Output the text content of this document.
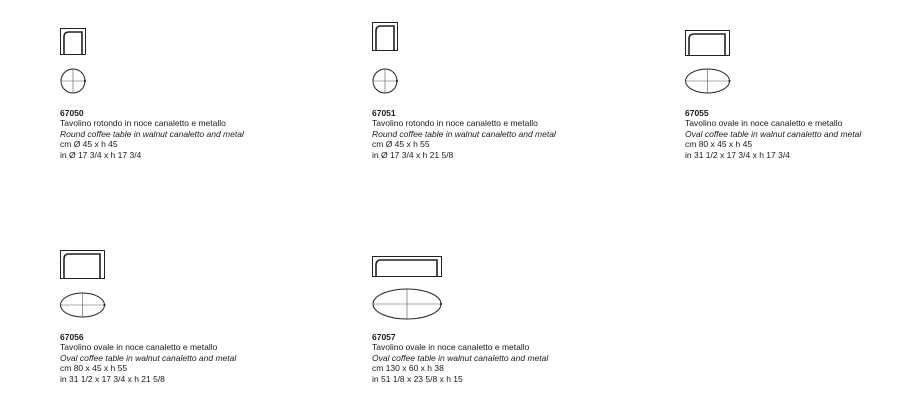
67050
Tavolino rotondo in noce canaletto e metallo
Round coffee table in walnut canaletto and metal
cm Ø 45 x h 45
in Ø 17 3/4 x h 17 3/4
67051
Tavolino rotondo in noce canaletto e metallo
Round coffee table in walnut canaletto and metal
cm Ø 45 x h 55
in Ø 17 3/4 x h 21 5/8
67055
Tavolino ovale in noce canaletto e metallo
Oval coffee table in walnut canaletto and metal
cm 80 x 45 x h 45
in 31 1/2 x 17 3/4 x h 17 3/4
67056
Tavolino ovale in noce canaletto e metallo
Oval coffee table in walnut canaletto and metal
cm 80 x 45 x h 55
in 31 1/2 x 17 3/4 x h 21 5/8
67057
Tavolino ovale in noce canaletto e metallo
Oval coffee table in walnut canaletto and metal
cm 130 x 60 x h 38
in 51 1/8 x 23 5/8 x h 15
